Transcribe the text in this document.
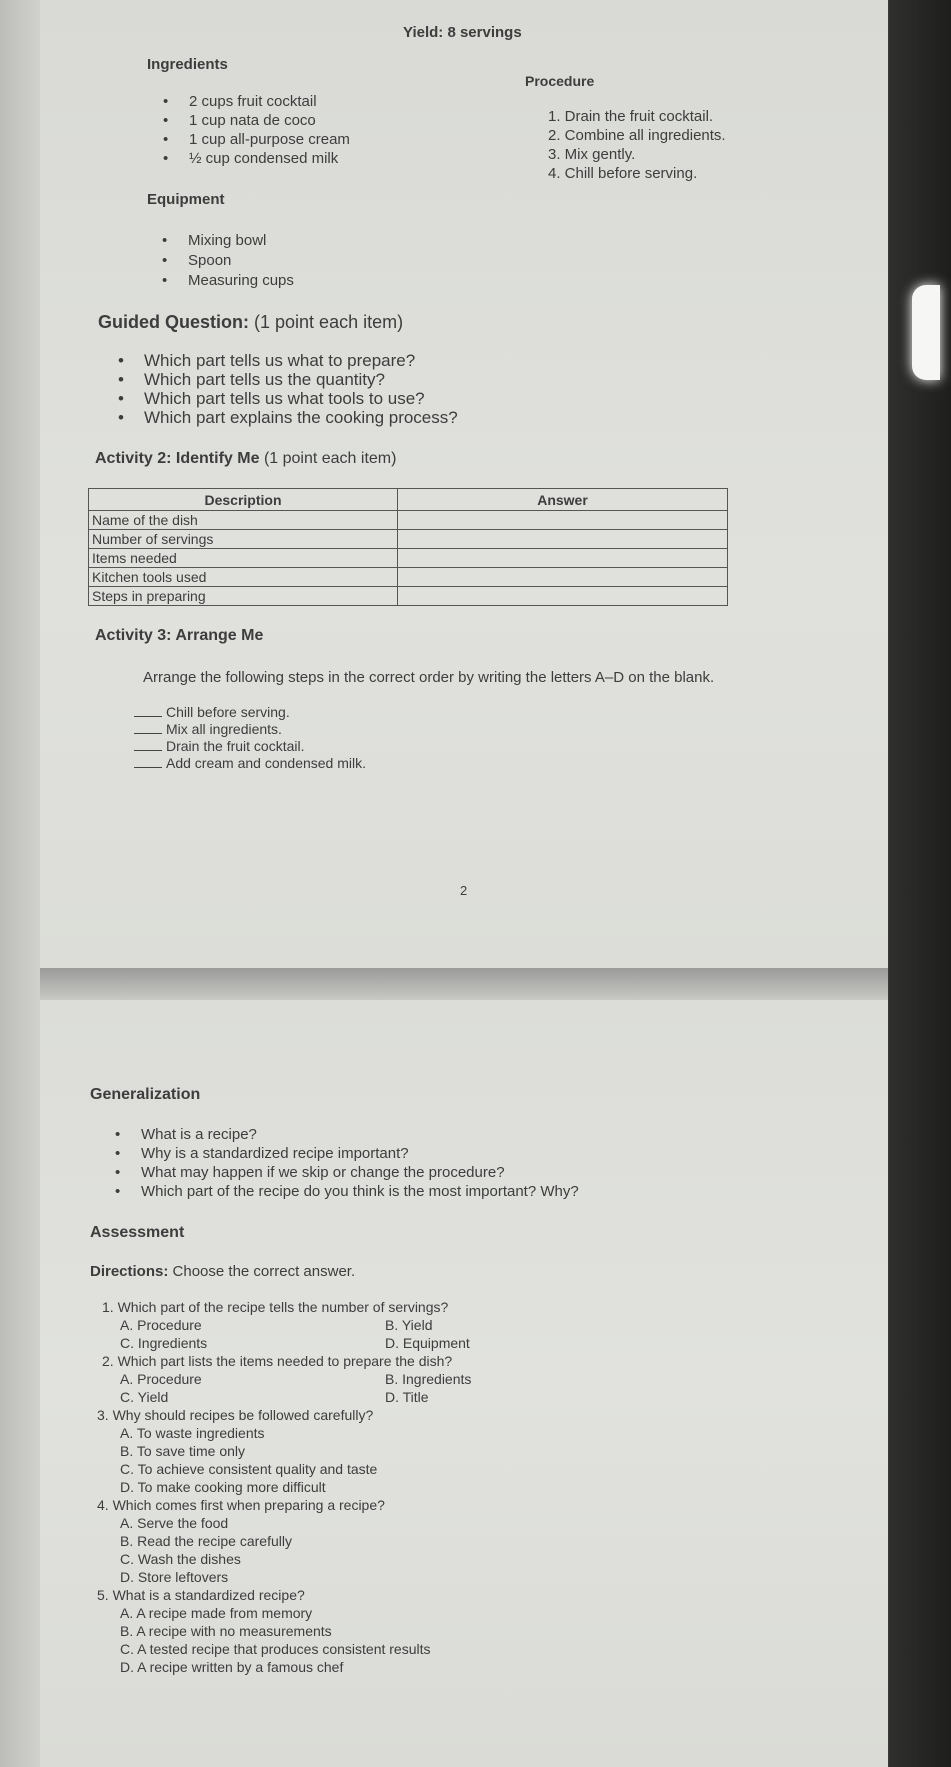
Yield: 8 servings
Ingredients
• 2 cups fruit cocktail
• 1 cup nata de coco
• 1 cup all-purpose cream
• ½ cup condensed milk
Procedure
1. Drain the fruit cocktail.
2. Combine all ingredients.
3. Mix gently.
4. Chill before serving.
Equipment
• Mixing bowl
• Spoon
• Measuring cups
Guided Question: (1 point each item)
• Which part tells us what to prepare?
• Which part tells us the quantity?
• Which part tells us what tools to use?
• Which part explains the cooking process?
Activity 2: Identify Me (1 point each item)
Description	Answer
Name of the dish	
Number of servings	
Items needed	
Kitchen tools used	
Steps in preparing	
Activity 3: Arrange Me
Arrange the following steps in the correct order by writing the letters A–D on the blank.
Chill before serving.
Mix all ingredients.
Drain the fruit cocktail.
Add cream and condensed milk.
2
Generalization
• What is a recipe?
• Why is a standardized recipe important?
• What may happen if we skip or change the procedure?
• Which part of the recipe do you think is the most important? Why?
Assessment
Directions: Choose the correct answer.
1. Which part of the recipe tells the number of servings?
A. Procedure	B. Yield
C. Ingredients	D. Equipment
2. Which part lists the items needed to prepare the dish?
A. Procedure	B. Ingredients
C. Yield	D. Title
3. Why should recipes be followed carefully?
A. To waste ingredients
B. To save time only
C. To achieve consistent quality and taste
D. To make cooking more difficult
4. Which comes first when preparing a recipe?
A. Serve the food
B. Read the recipe carefully
C. Wash the dishes
D. Store leftovers
5. What is a standardized recipe?
A. A recipe made from memory
B. A recipe with no measurements
C. A tested recipe that produces consistent results
D. A recipe written by a famous chef
